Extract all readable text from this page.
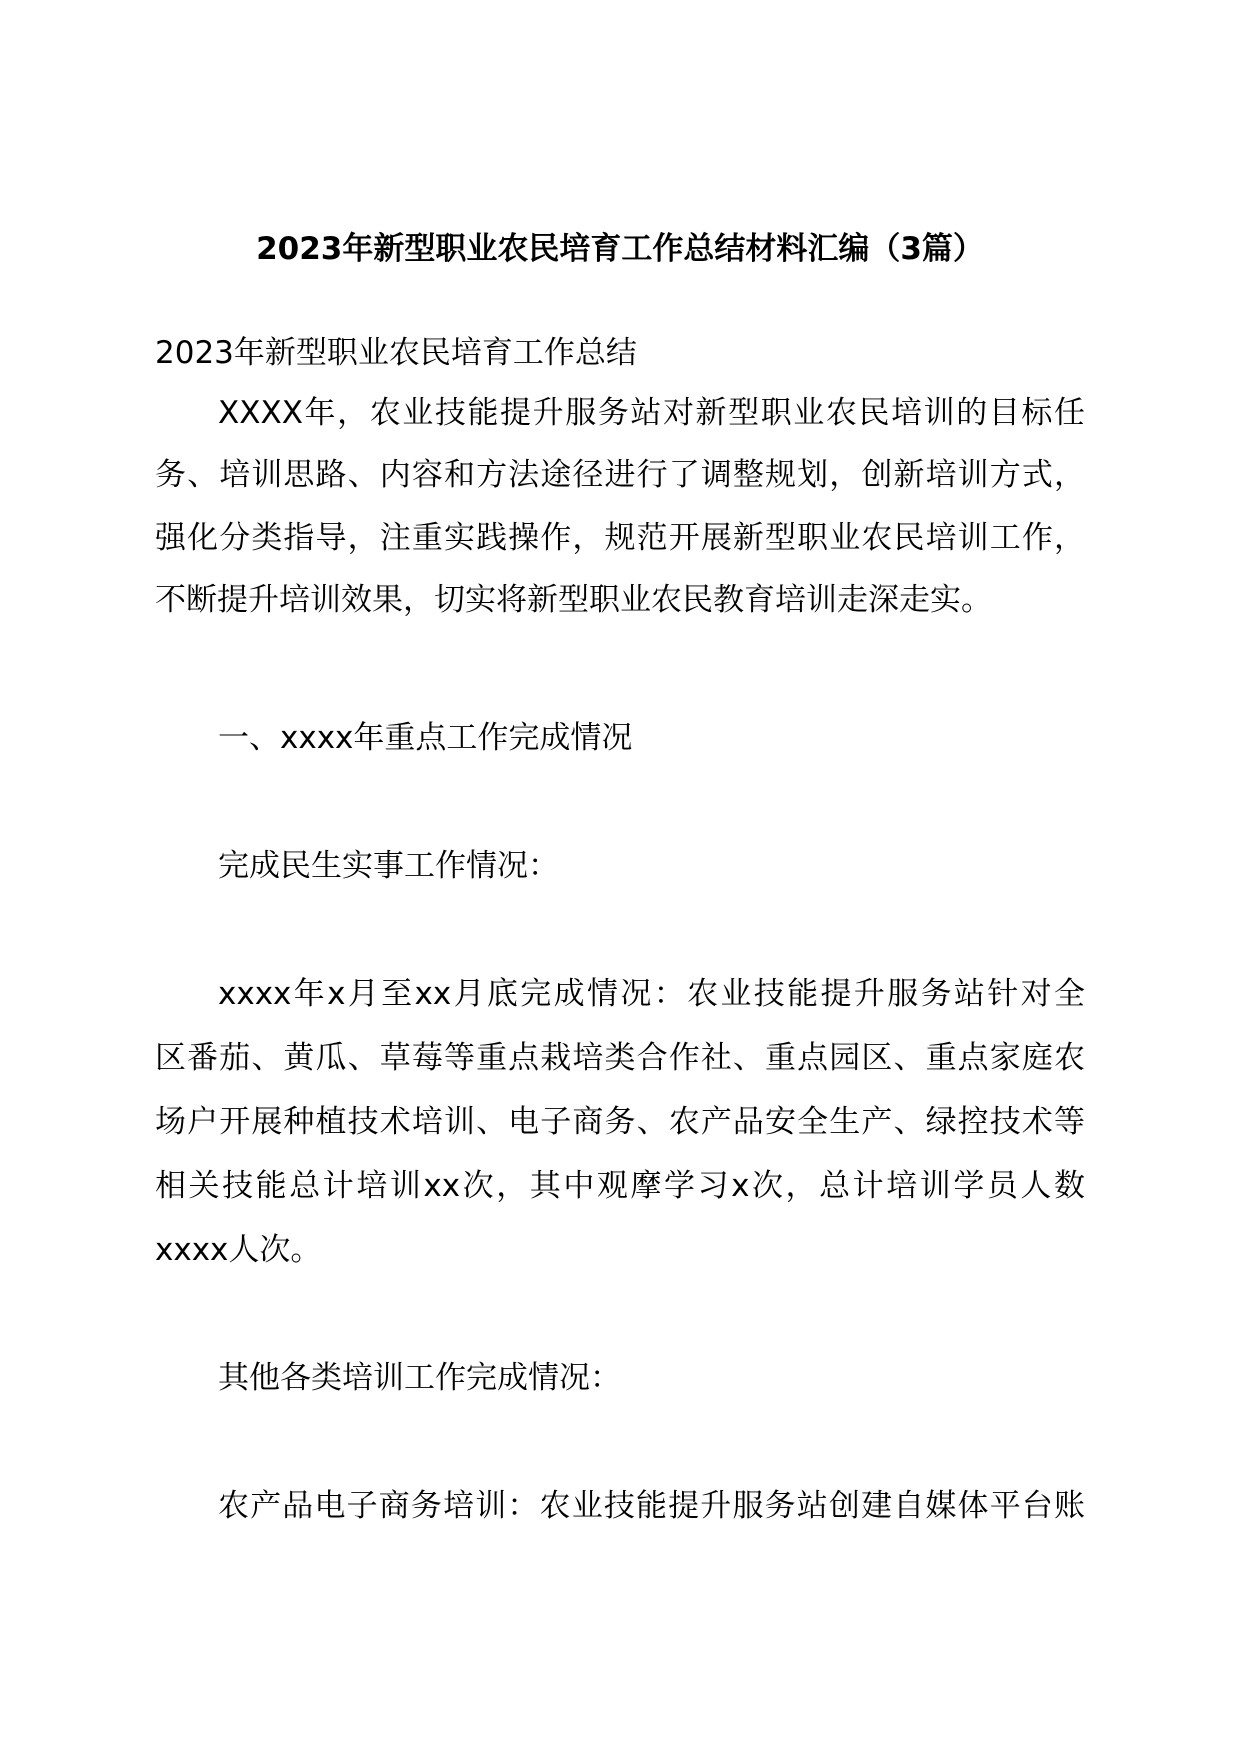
2023年新型职业农民培育工作总结材料汇编（3篇）

2023年新型职业农民培育工作总结

XXXX年，农业技能提升服务站对新型职业农民培训的目标任

务、培训思路、内容和方法途径进行了调整规划，创新培训方式，

强化分类指导，注重实践操作，规范开展新型职业农民培训工作，

不断提升培训效果，切实将新型职业农民教育培训走深走实。

一、xxxx年重点工作完成情况

完成民生实事工作情况：

xxxx年x月至xx月底完成情况：农业技能提升服务站针对全

区番茄、黄瓜、草莓等重点栽培类合作社、重点园区、重点家庭农

场户开展种植技术培训、电子商务、农产品安全生产、绿控技术等

相关技能总计培训xx次，其中观摩学习x次，总计培训学员人数

xxxx人次。

其他各类培训工作完成情况：

农产品电子商务培训：农业技能提升服务站创建自媒体平台账
